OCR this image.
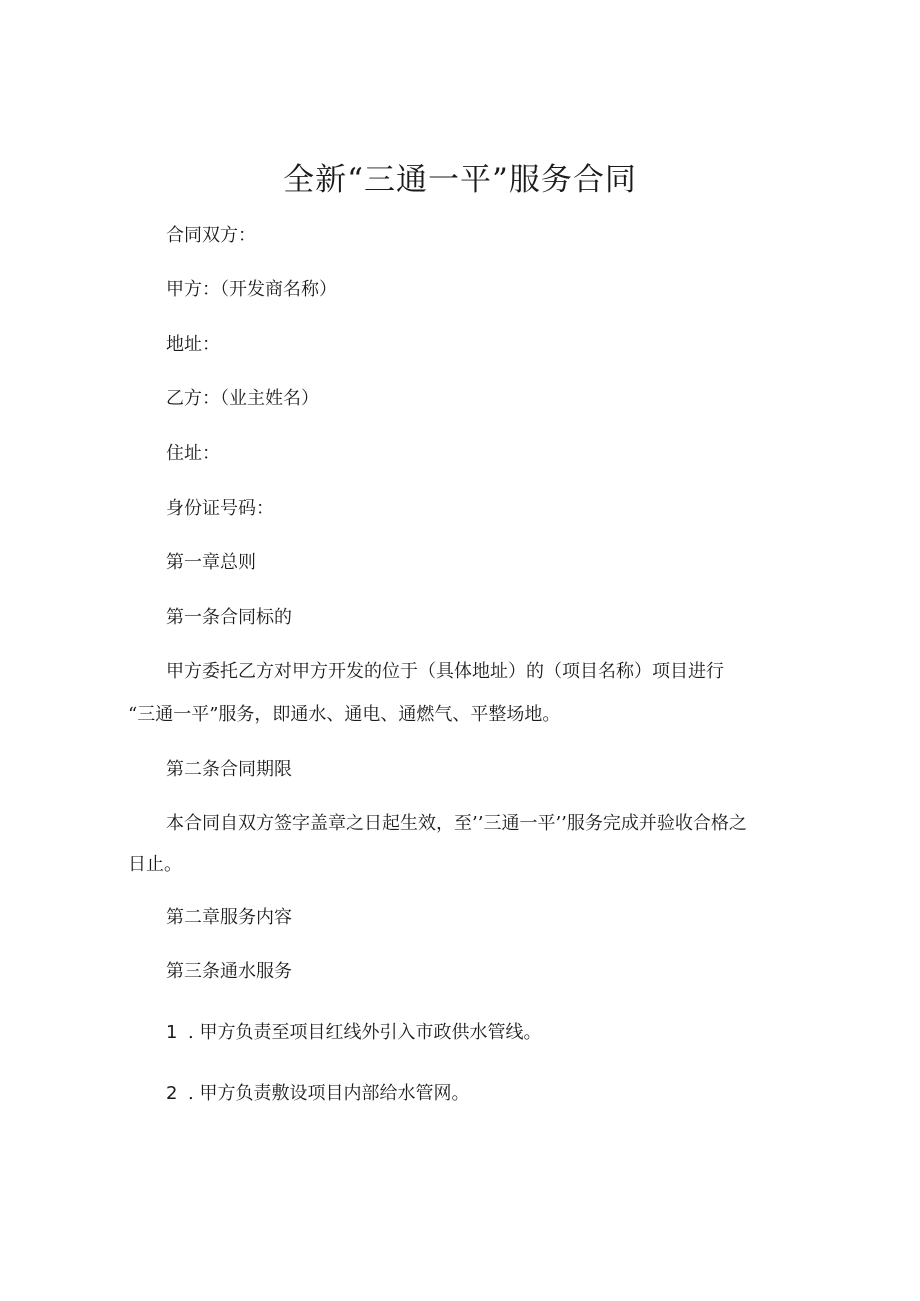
全新“三通一平”服务合同
合同双方：
甲方：（开发商名称）
地址：
乙方：（业主姓名）
住址：
身份证号码：
第一章总则
第一条合同标的
甲方委托乙方对甲方开发的位于（具体地址）的（项目名称）项目进行
“三通一平”服务，即通水、通电、通燃气、平整场地。
第二条合同期限
本合同自双方签字盖章之日起生效，至’’三通一平’’服务完成并验收合格之
日止。
第二章服务内容
第三条通水服务
1 . 甲方负责至项目红线外引入市政供水管线。
2 . 甲方负责敷设项目内部给水管网。
